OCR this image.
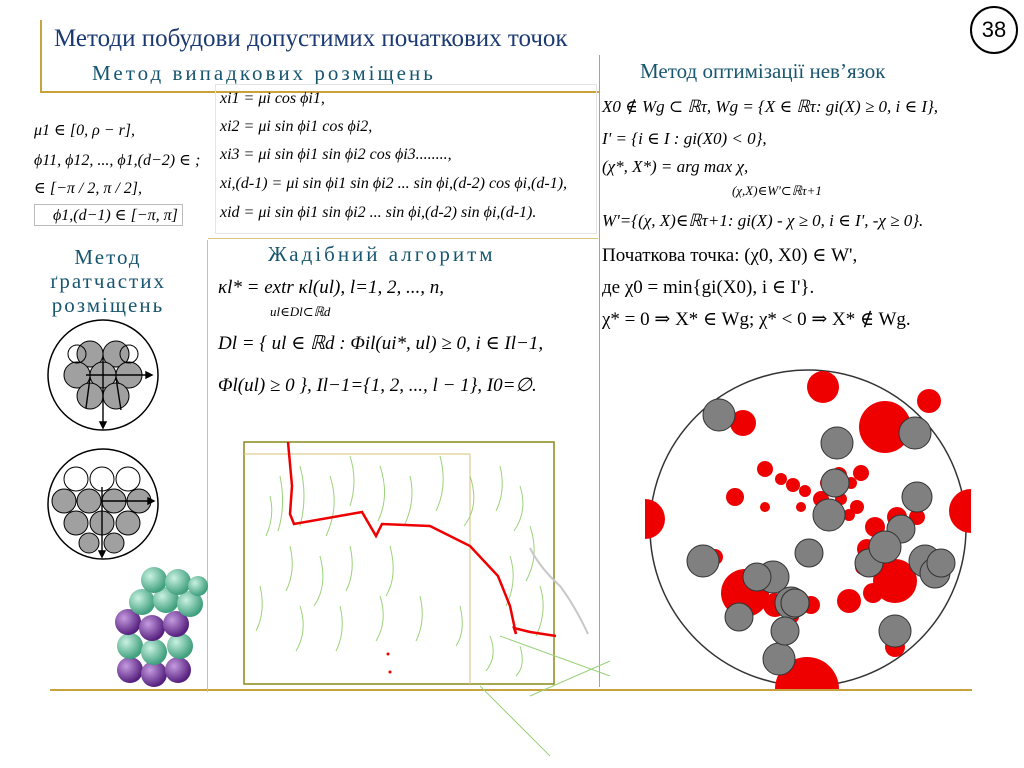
38
Методи побудови допустимих початкових точок
Метод випадкових розміщень	Метод оптимізації нев’язок
Метод
ґратчастих
розміщень
Жадібний алгоритм
μ1 ∈ [0, ρ − r],
ϕ11, ϕ12, ..., ϕ1,(d−2) ∈ ;
∈ [−π / 2, π / 2],
ϕ1,(d−1) ∈ [−π, π]
xi1 = μi cos ϕi1,
xi2 = μi sin ϕi1 cos ϕi2,
xi3 = μi sin ϕi1 sin ϕi2 cos ϕi3........,
xi,(d-1) = μi sin ϕi1 sin ϕi2 ... sin ϕi,(d-2) cos ϕi,(d-1),
xid = μi sin ϕi1 sin ϕi2 ... sin ϕi,(d-2) sin ϕi,(d-1).
X0 ∉ Wg ⊂ ℝτ, Wg = {X ∈ ℝτ: gi(X) ≥ 0, i ∈ I},
I' = {i ∈ I : gi(X0) < 0},
(χ*, X*) = arg max χ,
(χ,X)∈W'⊂ℝτ+1
W'={(χ, X)∈ℝτ+1: gi(X) - χ ≥ 0, i ∈ I', -χ ≥ 0}.
Початкова точка: (χ0, X0) ∈ W',
де χ0 = min{gi(X0), i ∈ I'}.
χ* = 0 ⇒ X* ∈ Wg; χ* < 0 ⇒ X* ∉ Wg.
κl* = extr κl(ul), l=1, 2, ..., n,
ul∈Dl⊂ℝd
Dl = { ul ∈ ℝd : Φil(ui*, ul) ≥ 0, i ∈ Il−1,
Φl(ul) ≥ 0 }, Il−1={1, 2, ..., l − 1}, I0=∅.
